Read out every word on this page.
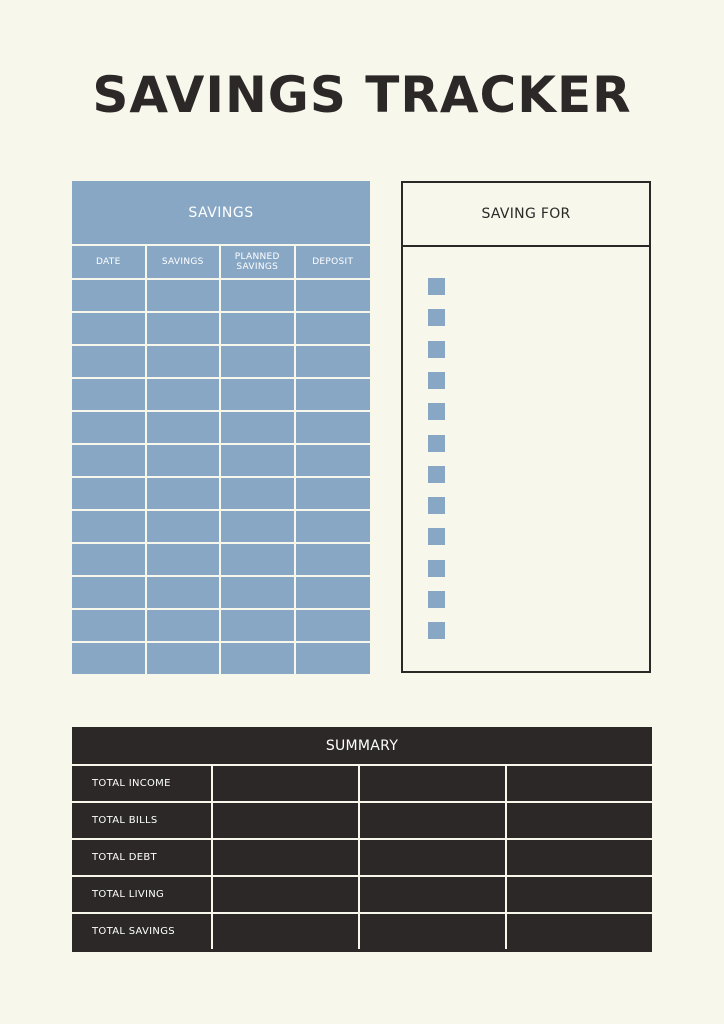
SAVINGS TRACKER
SAVINGS
DATE	SAVINGS	PLANNED SAVINGS	DEPOSIT
SAVING FOR
SUMMARY
TOTAL INCOME
TOTAL BILLS
TOTAL DEBT
TOTAL LIVING
TOTAL SAVINGS
